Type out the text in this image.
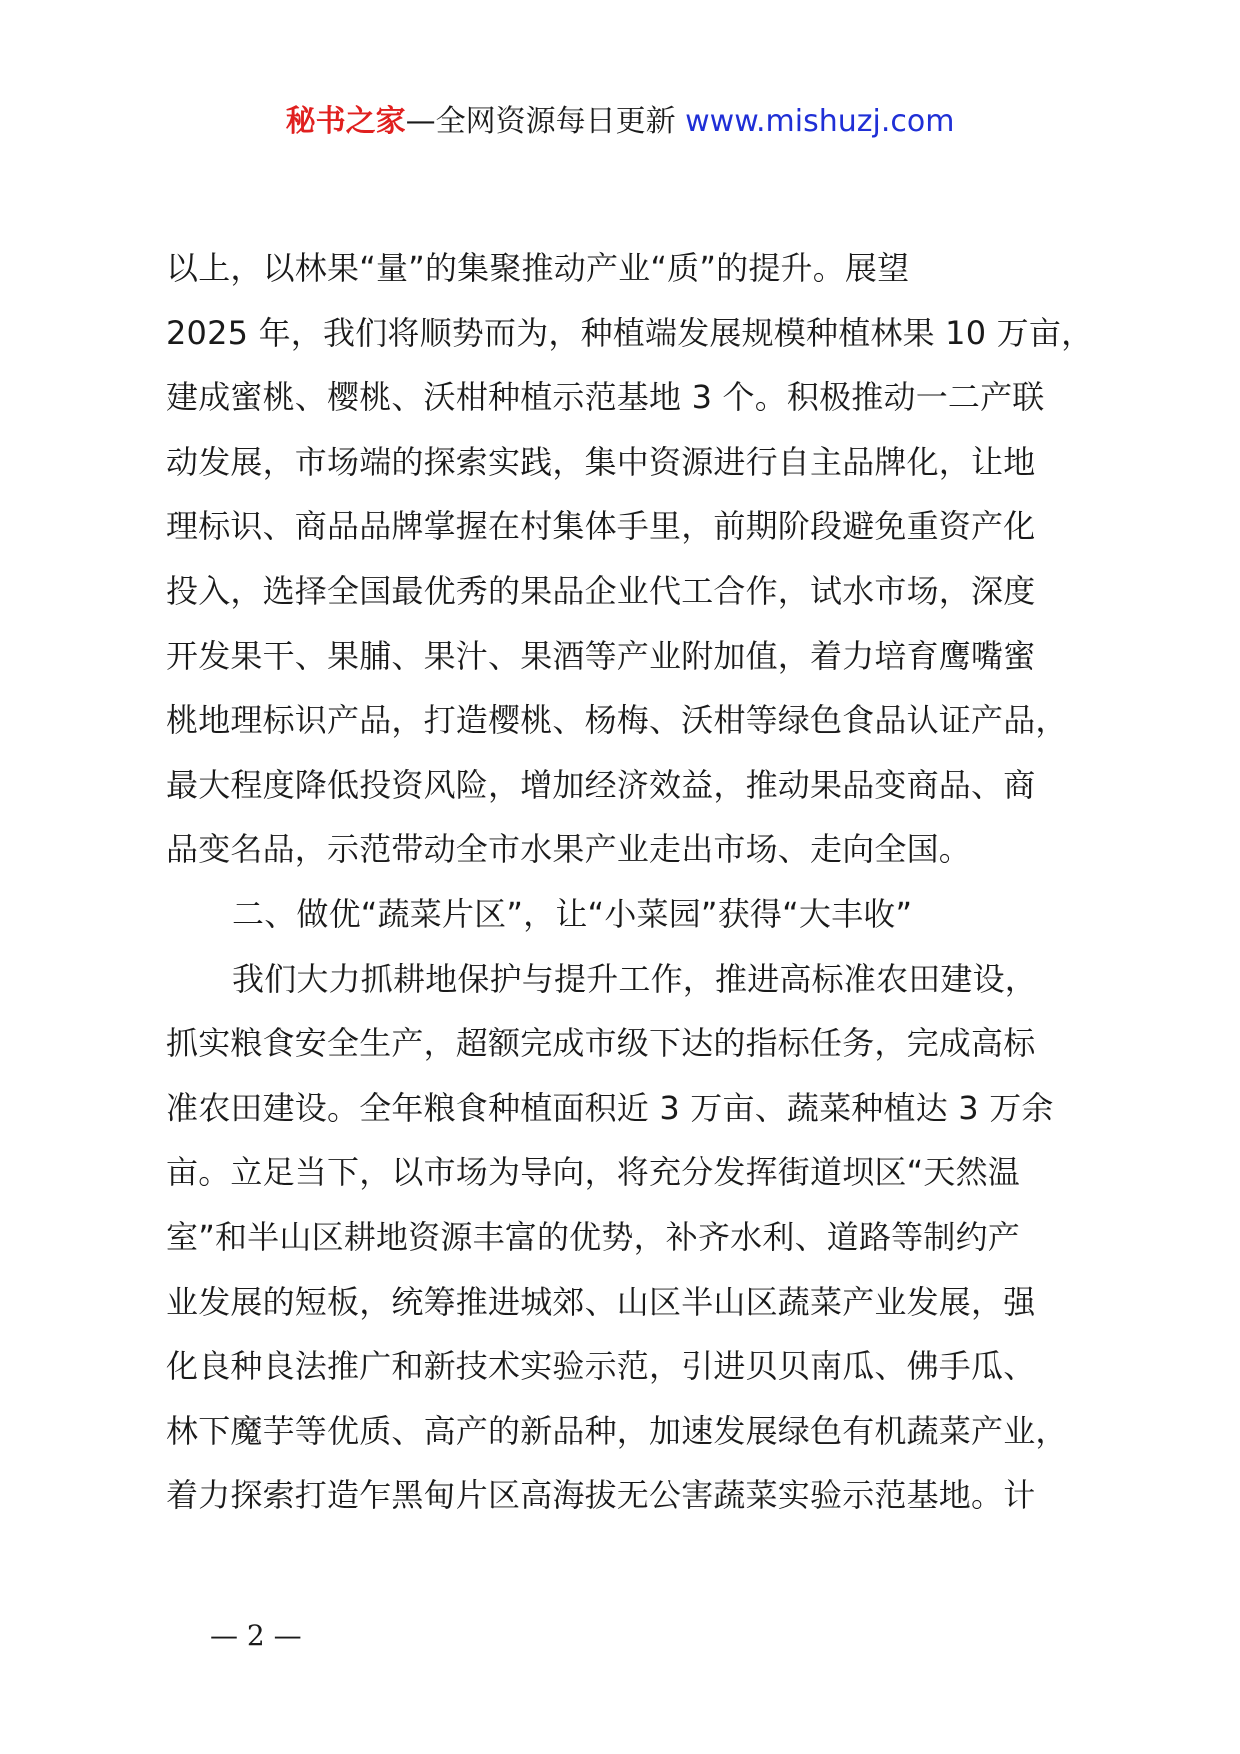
秘书之家—全网资源每日更新 www.mishuzj.com
以上，以林果“量”的集聚推动产业“质”的提升。展望
2025 年，我们将顺势而为，种植端发展规模种植林果 10 万亩，
建成蜜桃、樱桃、沃柑种植示范基地 3 个。积极推动一二产联
动发展，市场端的探索实践，集中资源进行自主品牌化，让地
理标识、商品品牌掌握在村集体手里，前期阶段避免重资产化
投入，选择全国最优秀的果品企业代工合作，试水市场，深度
开发果干、果脯、果汁、果酒等产业附加值，着力培育鹰嘴蜜
桃地理标识产品，打造樱桃、杨梅、沃柑等绿色食品认证产品，
最大程度降低投资风险，增加经济效益，推动果品变商品、商
品变名品，示范带动全市水果产业走出市场、走向全国。
二、做优“蔬菜片区”，让“小菜园”获得“大丰收”
我们大力抓耕地保护与提升工作，推进高标准农田建设，
抓实粮食安全生产，超额完成市级下达的指标任务，完成高标
准农田建设。全年粮食种植面积近 3 万亩、蔬菜种植达 3 万余
亩。立足当下，以市场为导向，将充分发挥街道坝区“天然温
室”和半山区耕地资源丰富的优势，补齐水利、道路等制约产
业发展的短板，统筹推进城郊、山区半山区蔬菜产业发展，强
化良种良法推广和新技术实验示范，引进贝贝南瓜、佛手瓜、
林下魔芋等优质、高产的新品种，加速发展绿色有机蔬菜产业，
着力探索打造乍黑甸片区高海拔无公害蔬菜实验示范基地。计
— 2 —
